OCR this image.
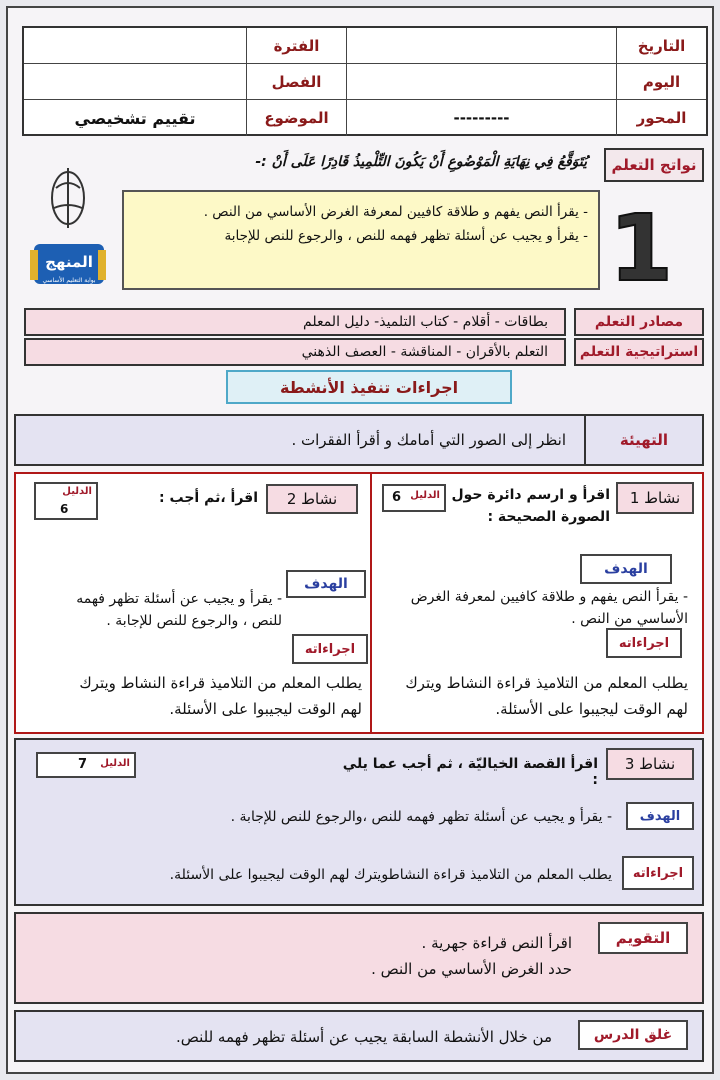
التاريخ
اليوم
المحور
---------
الفترة
الفصل
الموضوع
تقييم تشخيصي
نواتج التعلم
يُتَوَقَّعُ فِي نِهَايَةِ الْمَوْضُوعِ أَنْ يَكُونَ التِّلْمِيذُ قَادِرًا عَلَى أَنْ :-
1
- يقرأ النص يفهم و طلاقة كافيين لمعرفة الغرض الأساسي من النص .
- يقرأ و يجيب عن أسئلة تظهر فهمه للنص ، والرجوع للنص للإجابة
المنهج
بوابة التعليم الأساسي
مصادر التعلم
بطاقات - أقلام - كتاب التلميذ- دليل المعلم
استراتيجية التعلم
التعلم بالأقران - المناقشة - العصف الذهني
اجراءات تنفيذ الأنشطة
التهيئة
انظر إلى الصور التي أمامك و أقرأ الفقرات .
نشاط 1
اقرأ و ارسم دائرة حول الصورة الصحيحة :
الدليل
6
الهدف
- يقرأ النص يفهم و طلاقة كافيين لمعرفة الغرض الأساسي من النص .
اجراءاته
يطلب المعلم من التلاميذ قراءة النشاط ويترك لهم الوقت ليجيبوا على الأسئلة.
نشاط 2
اقرأ ،ثم أجب :
الدليل
6
الهدف
- يقرأ و يجيب عن أسئلة تظهر فهمه للنص ، والرجوع للنص للإجابة .
اجراءاته
يطلب المعلم من التلاميذ قراءة النشاط ويترك لهم الوقت ليجيبوا على الأسئلة.
نشاط 3
اقرأ القصة الخياليّة ، ثم أجب عما يلي :
الدليل
7
الهدف
- يقرأ و يجيب عن أسئلة تظهر فهمه للنص ،والرجوع للنص للإجابة .
اجراءاته
يطلب المعلم من التلاميذ قراءة النشاطويترك لهم الوقت ليجيبوا على الأسئلة.
التقويم
اقرأ النص قراءة جهرية .
حدد الغرض الأساسي من النص .
غلق الدرس
من خلال الأنشطة السابقة يجيب عن أسئلة تظهر فهمه للنص.
